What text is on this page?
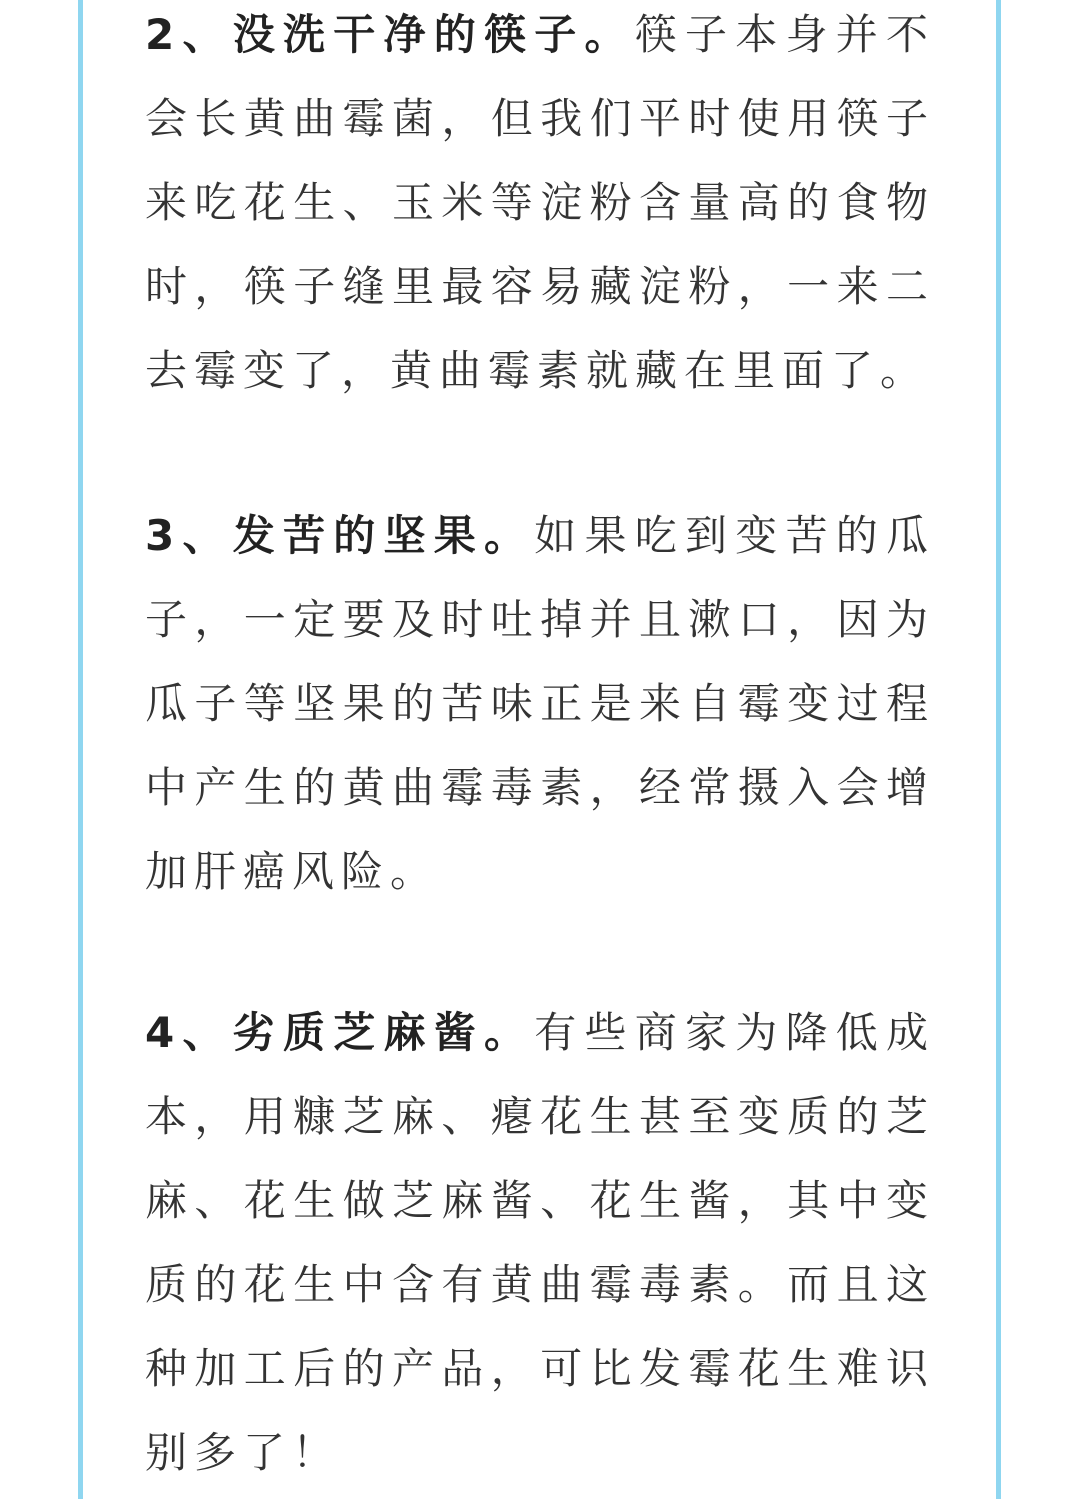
2、没洗干净的筷子。筷子本身并不会长黄曲霉菌，但我们平时使用筷子来吃花生、玉米等淀粉含量高的食物时，筷子缝里最容易藏淀粉，一来二去霉变了，黄曲霉素就藏在里面了。

3、发苦的坚果。如果吃到变苦的瓜子，一定要及时吐掉并且漱口，因为瓜子等坚果的苦味正是来自霉变过程中产生的黄曲霉毒素，经常摄入会增加肝癌风险。

4、劣质芝麻酱。有些商家为降低成本，用糠芝麻、瘪花生甚至变质的芝麻、花生做芝麻酱、花生酱，其中变质的花生中含有黄曲霉毒素。而且这种加工后的产品，可比发霉花生难识别多了！
